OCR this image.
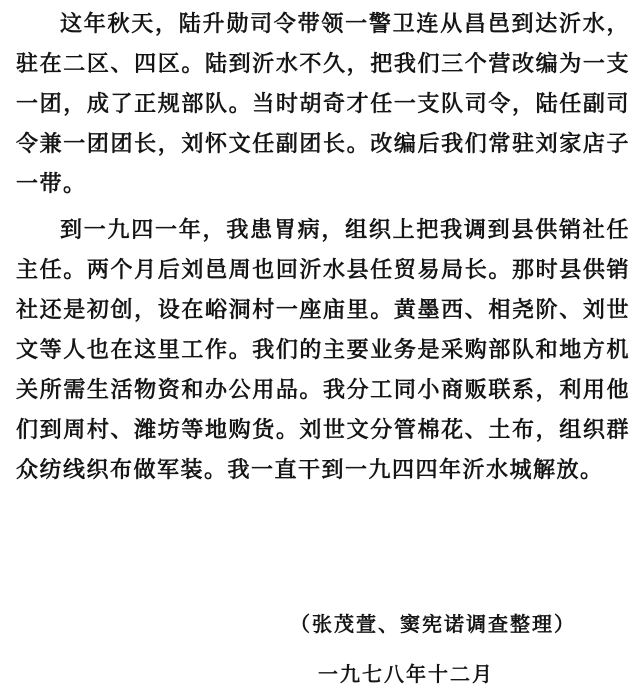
这年秋天，陆升勋司令带领一警卫连从昌邑到达沂水，驻在二区、四区。陆到沂水不久，把我们三个营改编为一支一团，成了正规部队。当时胡奇才任一支队司令，陆任副司令兼一团团长，刘怀文任副团长。改编后我们常驻刘家店子一带。

到一九四一年，我患胃病，组织上把我调到县供销社任主任。两个月后刘邑周也回沂水县任贸易局长。那时县供销社还是初创，设在峪洞村一座庙里。黄墨西、相尧阶、刘世文等人也在这里工作。我们的主要业务是采购部队和地方机关所需生活物资和办公用品。我分工同小商贩联系，利用他们到周村、潍坊等地购货。刘世文分管棉花、土布，组织群众纺线织布做军装。我一直干到一九四四年沂水城解放。

（张茂萱、窦宪诺调查整理）
一九七八年十二月
